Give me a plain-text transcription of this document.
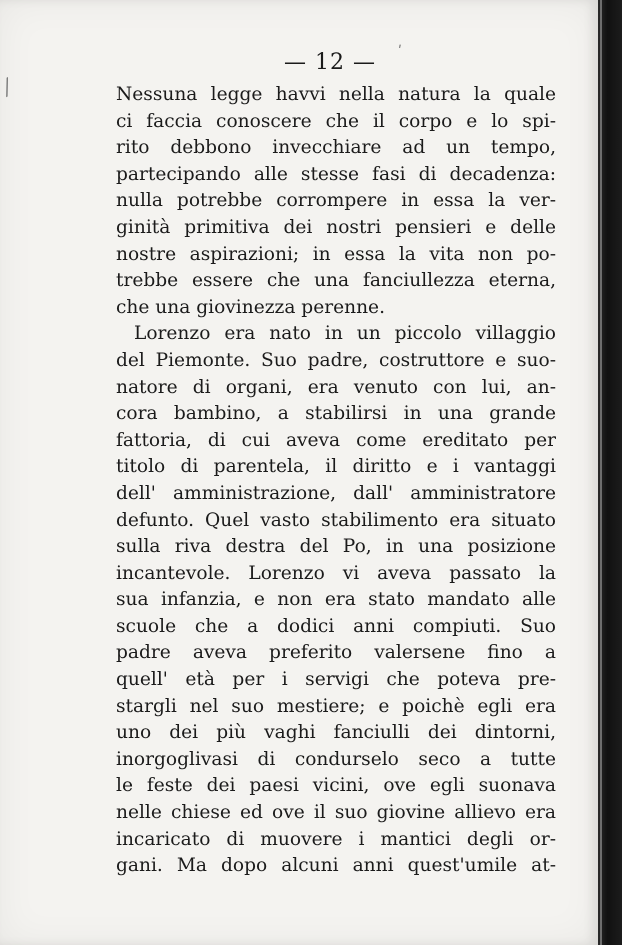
— 12 —
⁄
ʹ
Nessuna legge havvi nella natura la quale
ci faccia conoscere che il corpo e lo spi-
rito debbono invecchiare ad un tempo,
partecipando alle stesse fasi di decadenza:
nulla potrebbe corrompere in essa la ver-
ginità primitiva dei nostri pensieri e delle
nostre aspirazioni; in essa la vita non po-
trebbe essere che una fanciullezza eterna,
che una giovinezza perenne.
Lorenzo era nato in un piccolo villaggio
del Piemonte. Suo padre, costruttore e suo-
natore di organi, era venuto con lui, an-
cora bambino, a stabilirsi in una grande
fattoria, di cui aveva come ereditato per
titolo di parentela, il diritto e i vantaggi
dell' amministrazione, dall' amministratore
defunto. Quel vasto stabilimento era situato
sulla riva destra del Po, in una posizione
incantevole. Lorenzo vi aveva passato la
sua infanzia, e non era stato mandato alle
scuole che a dodici anni compiuti. Suo
padre aveva preferito valersene fino a
quell' età per i servigi che poteva pre-
stargli nel suo mestiere; e poichè egli era
uno dei più vaghi fanciulli dei dintorni,
inorgoglivasi di condurselo seco a tutte
le feste dei paesi vicini, ove egli suonava
nelle chiese ed ove il suo giovine allievo era
incaricato di muovere i mantici degli or-
gani. Ma dopo alcuni anni quest'umile at-
